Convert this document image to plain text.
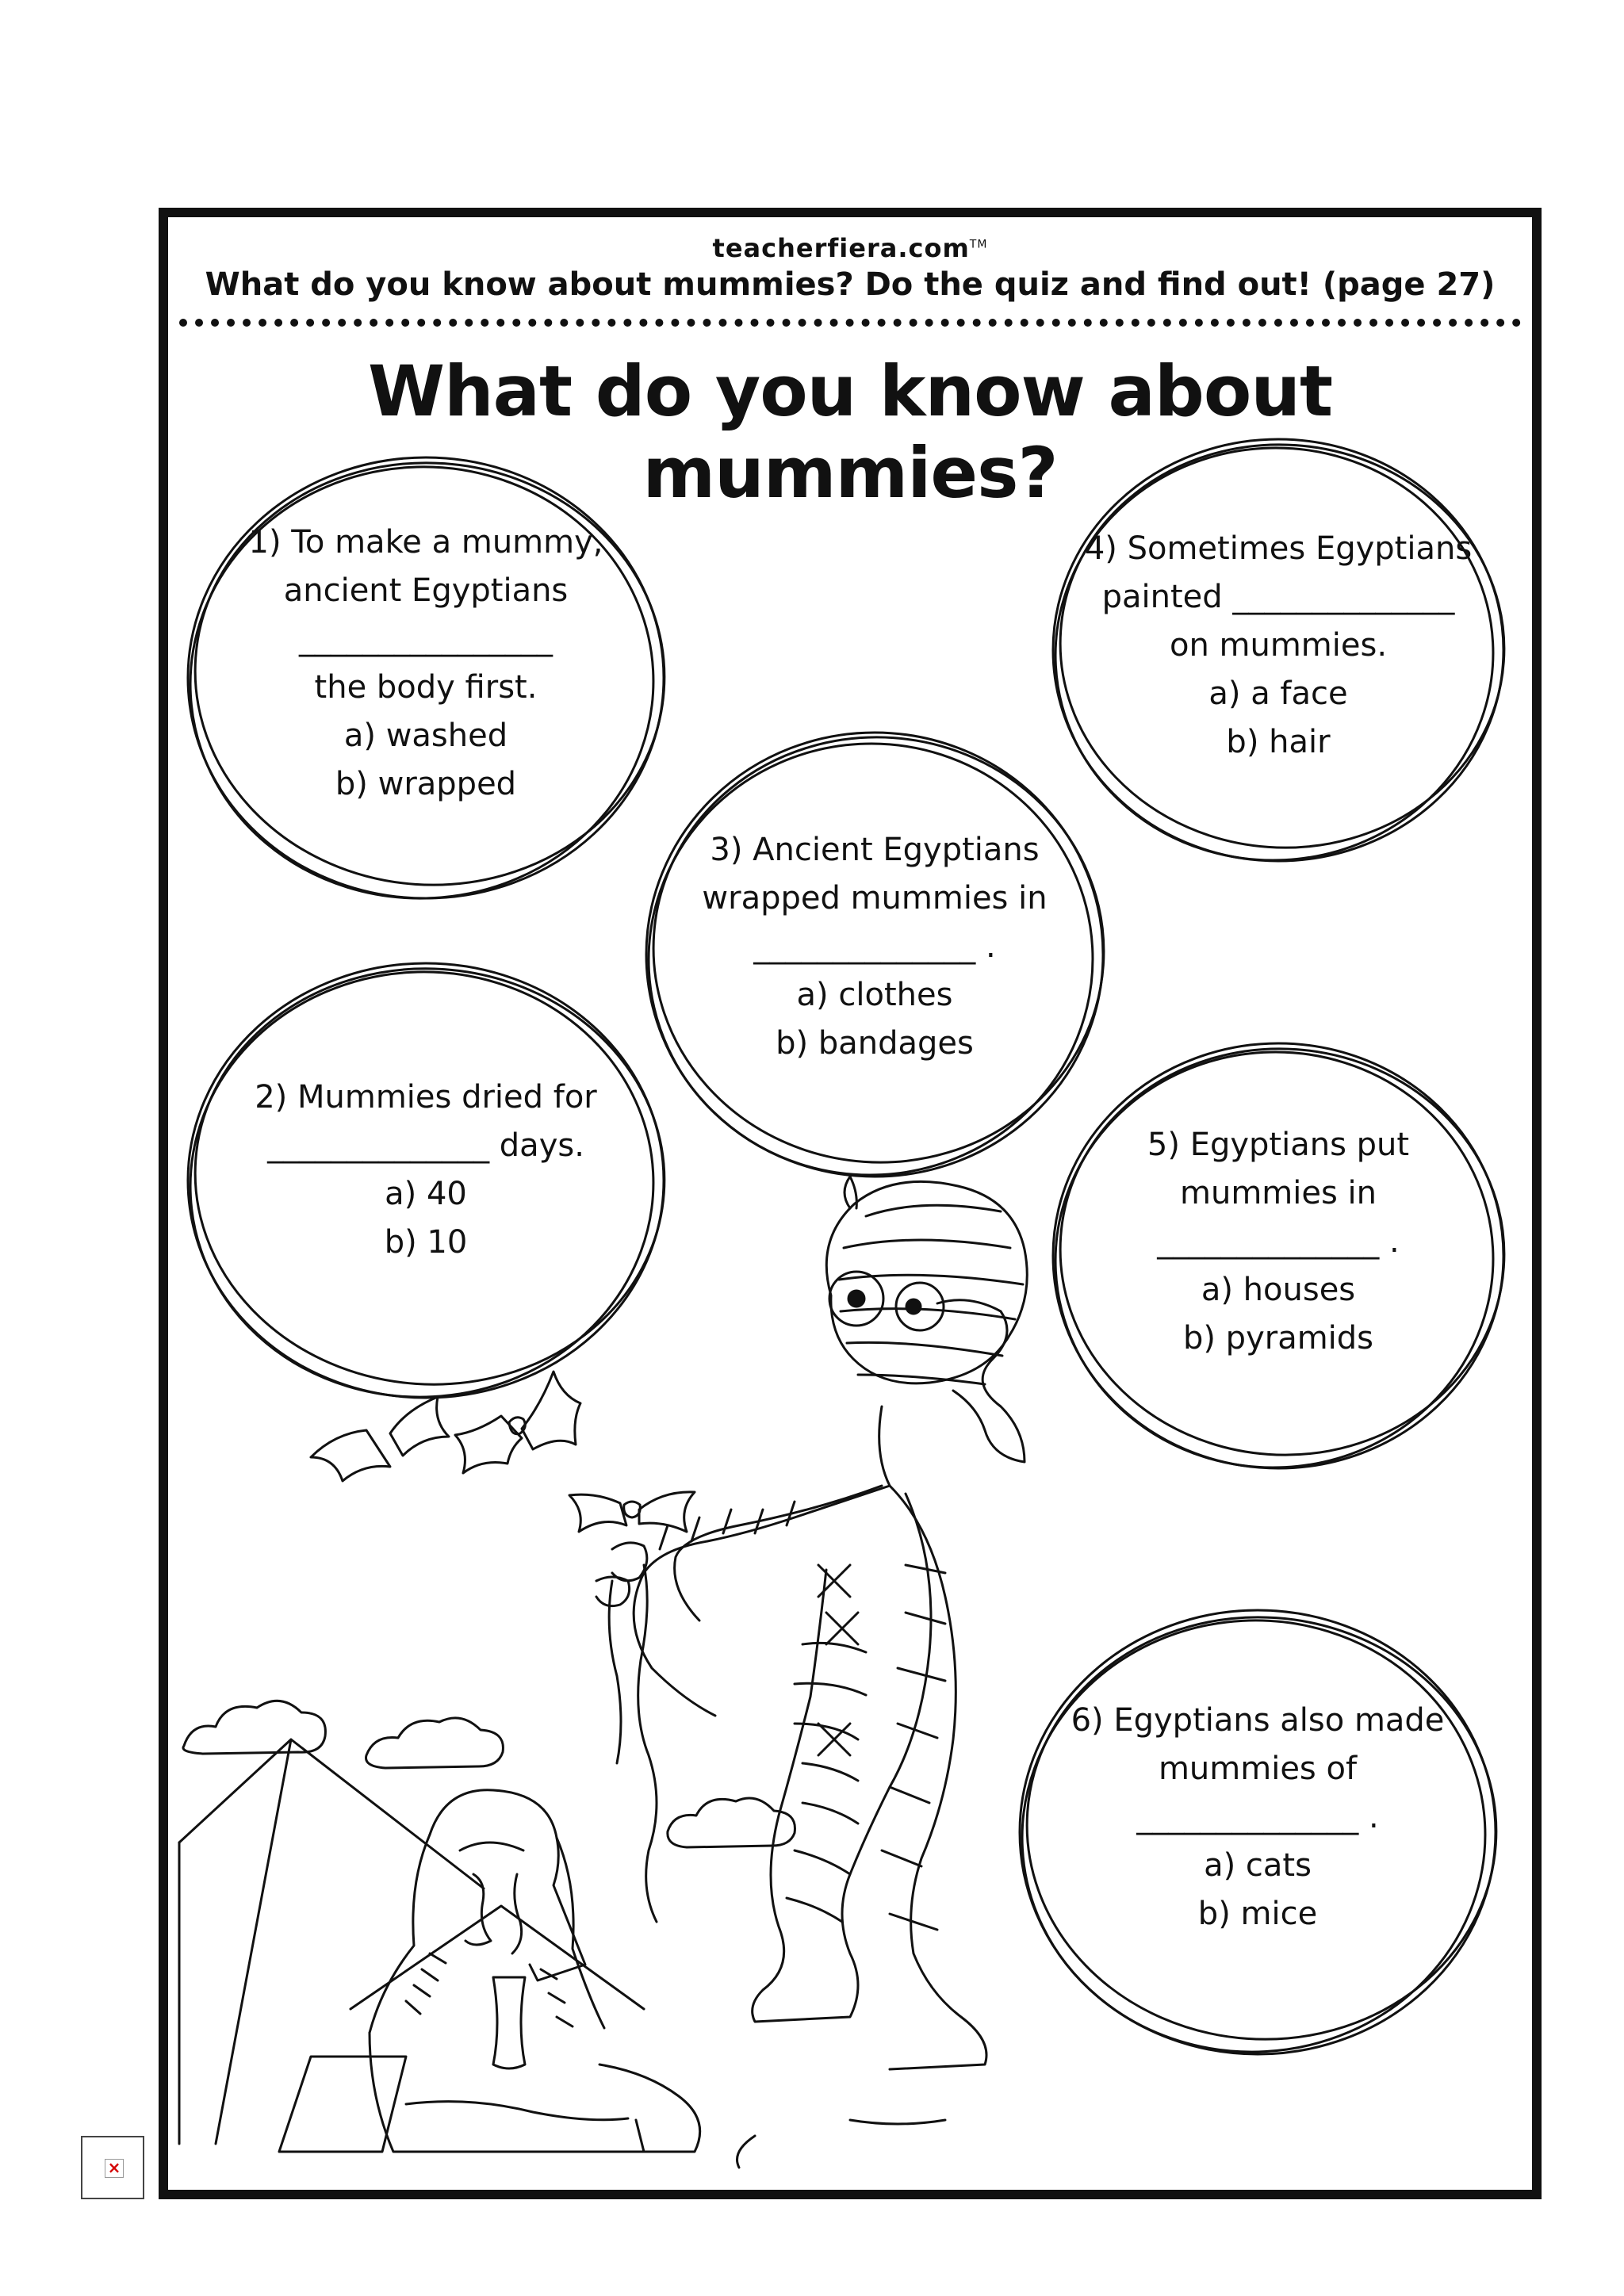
teacherfiera.com™
What do you know about mummies? Do the quiz and find out! (page 27)
What do you know about mummies?
1) To make a mummy,
ancient Egyptians
________________
the body first.
a) washed
b) wrapped
2) Mummies dried for
______________ days.
a) 40
b) 10
3) Ancient Egyptians
wrapped mummies in
______________ .
a) clothes
b) bandages
4) Sometimes Egyptians
painted ______________
on mummies.
a) a face
b) hair
5) Egyptians put
mummies in
______________ .
a) houses
b) pyramids
6) Egyptians also made
mummies of
______________ .
a) cats
b) mice
×
